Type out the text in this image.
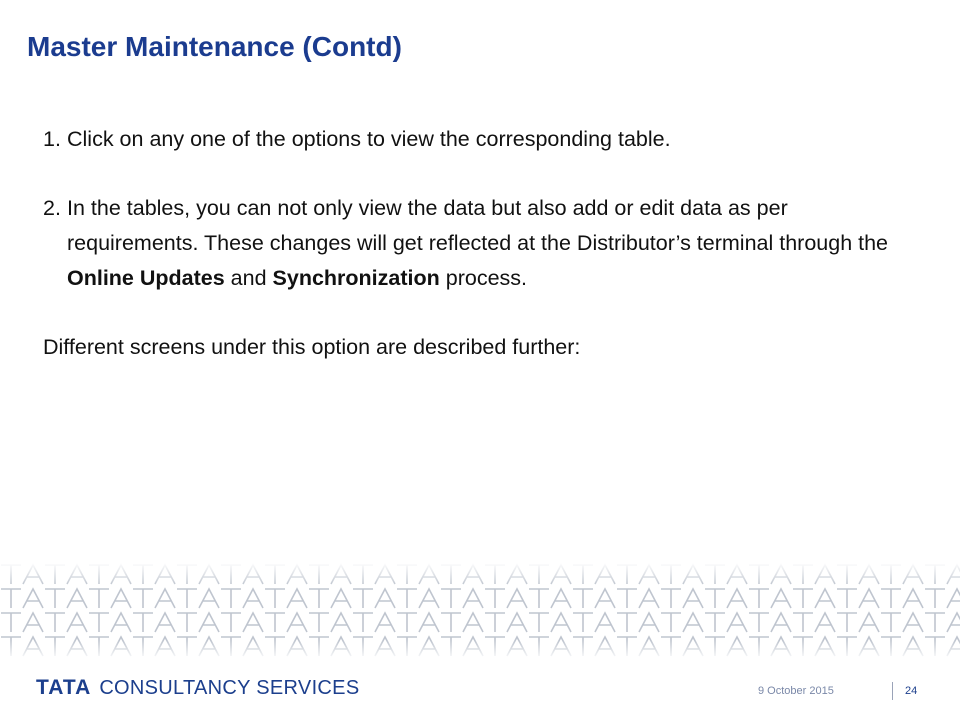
Master Maintenance (Contd)
1. Click on any one of the options to view the corresponding table.
2. In the tables, you can not only view the data but also add or edit data as per requirements. These changes will get reflected at the Distributor’s terminal through the Online Updates and Synchronization process.

Different screens under this option are described further:

TATA CONSULTANCY SERVICES	9 October 2015	24
